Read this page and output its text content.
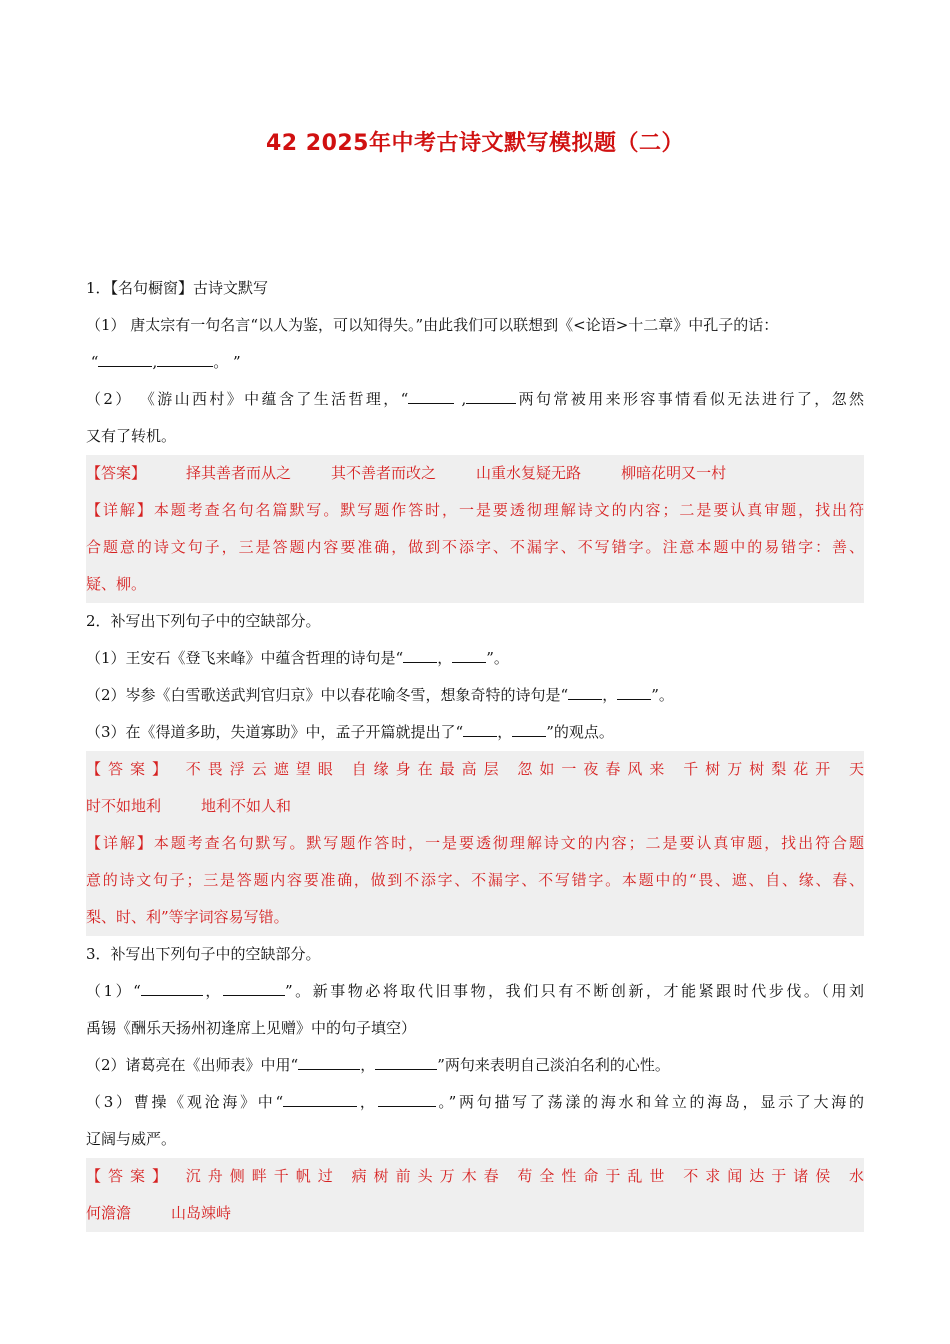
42 2025年中考古诗文默写模拟题（二）
1．【名句橱窗】古诗文默写
（1） 唐太宗有一句名言“以人为鉴，可以知得失。”由此我们可以联想到《<论语>十二章》中孔子的话：
“	,	。 ”
（2） 《游山西村》中蕴含了生活哲理，“	,	两句常被用来形容事情看似无法进行了，忽然
又有了转机。
【答案】	择其善者而从之	其不善者而改之	山重水复疑无路	柳暗花明又一村
【详解】本题考查名句名篇默写。默写题作答时，一是要透彻理解诗文的内容；二是要认真审题，找出符
合题意的诗文句子，三是答题内容要准确，做到不添字、不漏字、不写错字。注意本题中的易错字：善、
疑、柳。
2．补写出下列句子中的空缺部分。
（1）王安石《登飞来峰》中蕴含哲理的诗句是“ ， ”。
（2）岑参《白雪歌送武判官归京》中以春花喻冬雪，想象奇特的诗句是“ ， ”。
（3）在《得道多助，失道寡助》中，孟子开篇就提出了“ ， ”的观点。
【答案】 不畏浮云遮望眼 自缘身在最高层 忽如一夜春风来 千树万树梨花开 天
时不如地利	地利不如人和
【详解】本题考查名句默写。默写题作答时，一是要透彻理解诗文的内容；二是要认真审题，找出符合题
意的诗文句子；三是答题内容要准确，做到不添字、不漏字、不写错字。本题中的“畏、遮、自、缘、春、
梨、时、利”等字词容易写错。
3．补写出下列句子中的空缺部分。
（1）“	，	”。新事物必将取代旧事物，我们只有不断创新，才能紧跟时代步伐。（用刘
禹锡《酬乐天扬州初逢席上见赠》中的句子填空）
（2）诸葛亮在《出师表》中用“	，	”两句来表明自己淡泊名利的心性。
（3）曹操《观沧海》中“	，	。”两句描写了荡漾的海水和耸立的海岛，显示了大海的
辽阔与威严。
【答案】 沉舟侧畔千帆过 病树前头万木春 苟全性命于乱世 不求闻达于诸侯 水
何澹澹	山岛竦峙
